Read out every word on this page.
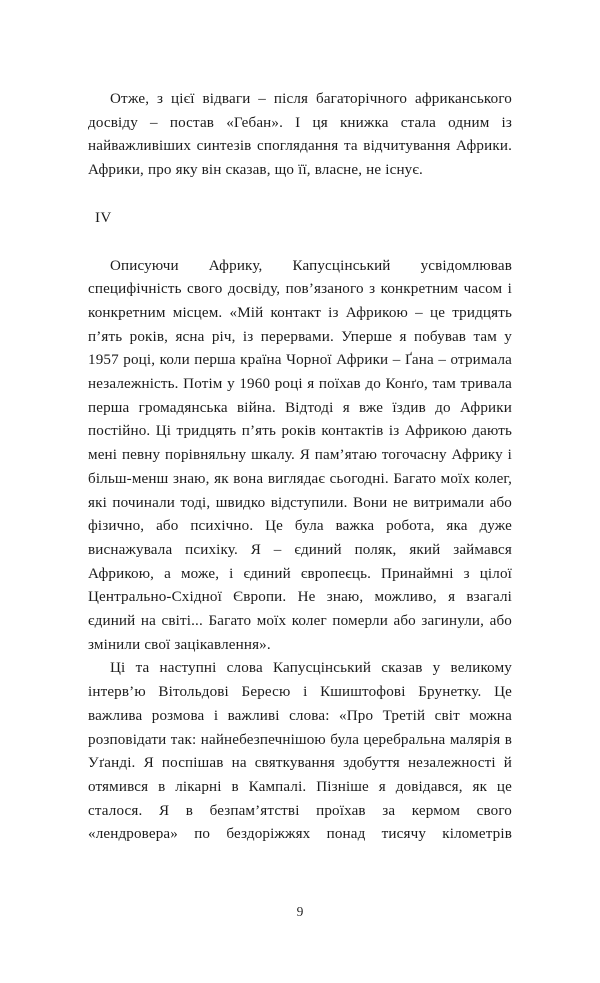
Отже, з цієї відваги – після багаторічного африканського досвіду – постав «Гебан». І ця книжка стала одним із найважливіших синтезів споглядання та відчитування Африки. Африки, про яку він сказав, що її, власне, не існує.

IV

Описуючи Африку, Капусцінський усвідомлював специфічність свого досвіду, пов’язаного з конкретним часом і конкретним місцем. «Мій контакт із Африкою – це тридцять п’ять років, ясна річ, із перервами. Уперше я побував там у 1957 році, коли перша країна Чорної Африки – Ґана – отримала незалежність. Потім у 1960 році я поїхав до Конґо, там тривала перша громадянська війна. Відтоді я вже їздив до Африки постійно. Ці тридцять п’ять років контактів із Африкою дають мені певну порівняльну шкалу. Я пам’ятаю тогочасну Африку і більш-менш знаю, як вона виглядає сьогодні. Багато моїх колег, які починали тоді, швидко відступили. Вони не витримали або фізично, або психічно. Це була важка робота, яка дуже виснажувала психіку. Я – єдиний поляк, який займався Африкою, а може, і єдиний європеєць. Принаймні з цілої Центрально-Східної Європи. Не знаю, можливо, я взагалі єдиний на світі... Багато моїх колег померли або загинули, або змінили свої зацікавлення».

Ці та наступні слова Капусцінський сказав у великому інтерв’ю Вітольдові Бересю і Кшиштофові Брунетку. Це важлива розмова і важливі слова: «Про Третій світ можна розповідати так: найнебезпечнішою була церебральна малярія в Уґанді. Я поспішав на святкування здобуття незалежності й отямився в лікарні в Кампалі. Пізніше я довідався, як це сталося. Я в безпам’ятстві проїхав за кермом свого «лендровера» по бездоріжжях понад тисячу кілометрів

9
